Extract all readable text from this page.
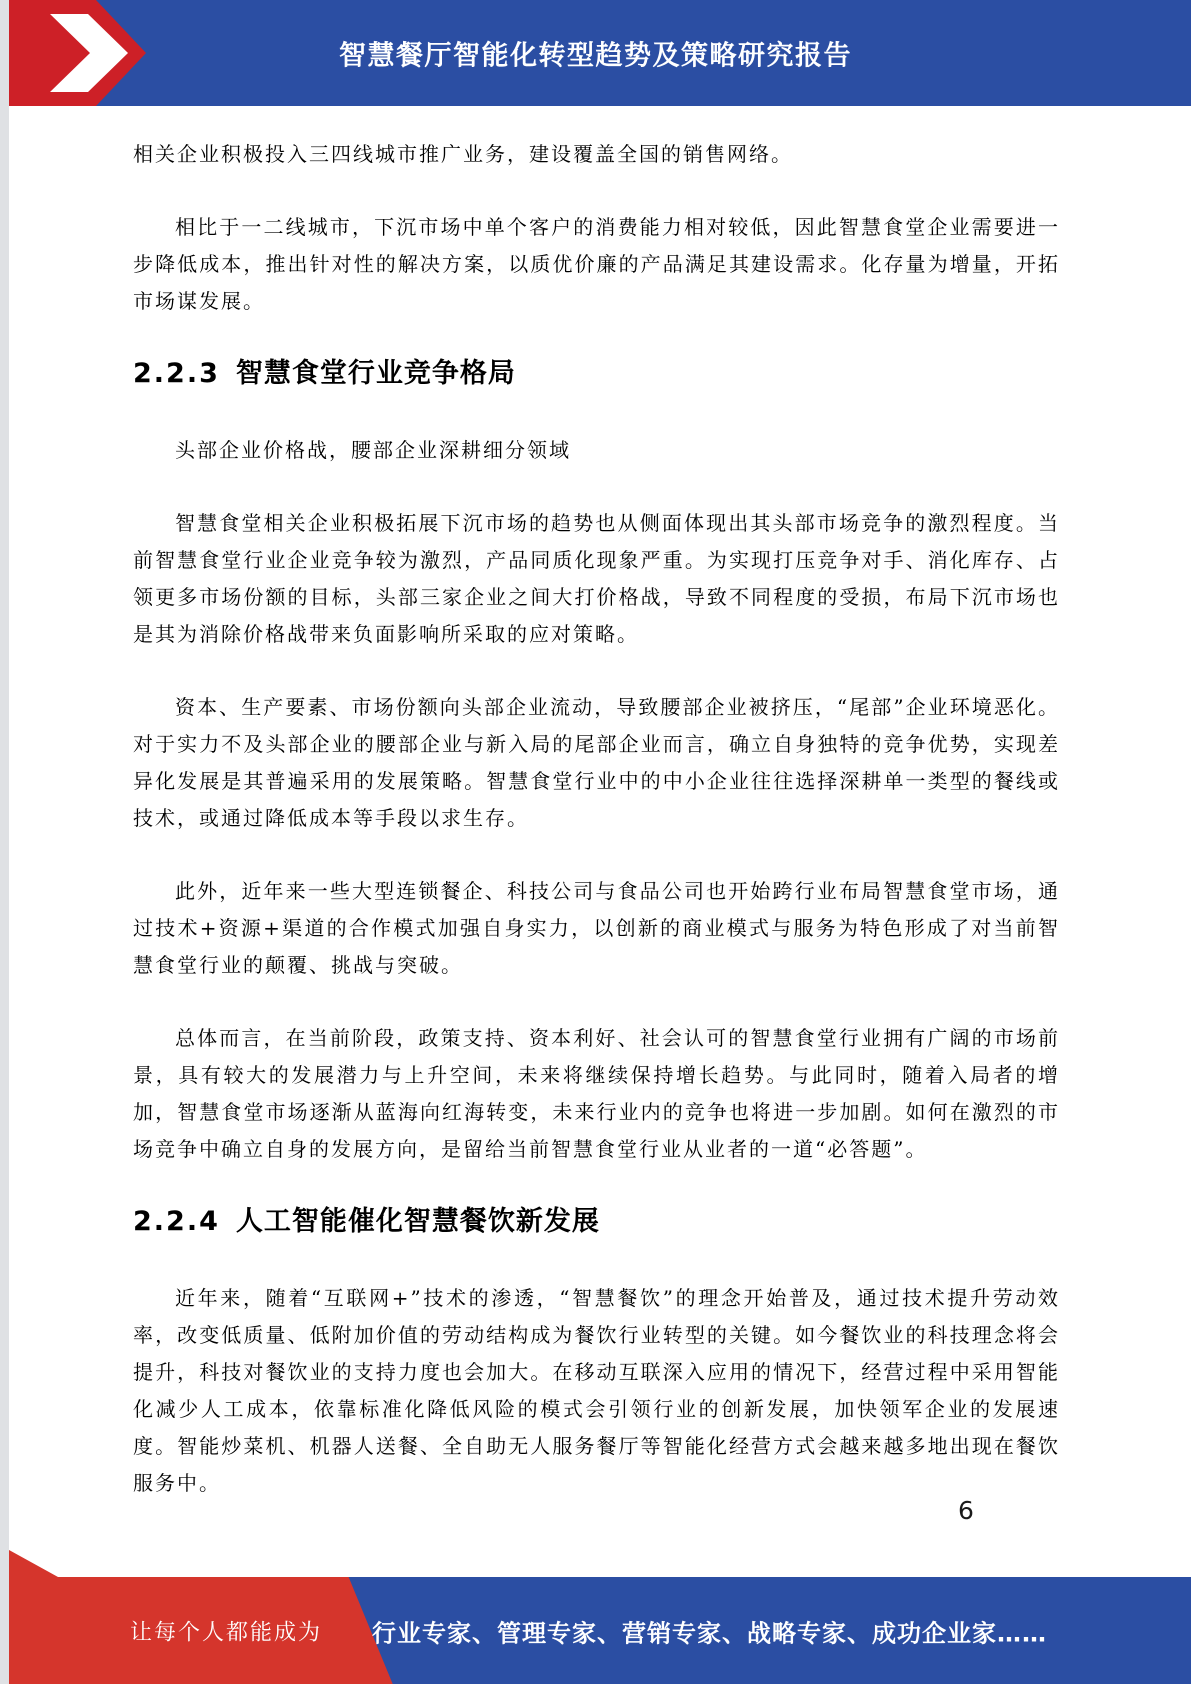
智慧餐厅智能化转型趋势及策略研究报告

相关企业积极投入三四线城市推广业务，建设覆盖全国的销售网络。

相比于一二线城市，下沉市场中单个客户的消费能力相对较低，因此智慧食堂企业需要进一步降低成本，推出针对性的解决方案，以质优价廉的产品满足其建设需求。化存量为增量，开拓市场谋发展。

2.2.3 智慧食堂行业竞争格局

头部企业价格战，腰部企业深耕细分领域

智慧食堂相关企业积极拓展下沉市场的趋势也从侧面体现出其头部市场竞争的激烈程度。当前智慧食堂行业企业竞争较为激烈，产品同质化现象严重。为实现打压竞争对手、消化库存、占领更多市场份额的目标，头部三家企业之间大打价格战，导致不同程度的受损，布局下沉市场也是其为消除价格战带来负面影响所采取的应对策略。

资本、生产要素、市场份额向头部企业流动，导致腰部企业被挤压，“尾部”企业环境恶化。对于实力不及头部企业的腰部企业与新入局的尾部企业而言，确立自身独特的竞争优势，实现差异化发展是其普遍采用的发展策略。智慧食堂行业中的中小企业往往选择深耕单一类型的餐线或技术，或通过降低成本等手段以求生存。

此外，近年来一些大型连锁餐企、科技公司与食品公司也开始跨行业布局智慧食堂市场，通过技术+资源+渠道的合作模式加强自身实力，以创新的商业模式与服务为特色形成了对当前智慧食堂行业的颠覆、挑战与突破。

总体而言，在当前阶段，政策支持、资本利好、社会认可的智慧食堂行业拥有广阔的市场前景，具有较大的发展潜力与上升空间，未来将继续保持增长趋势。与此同时，随着入局者的增加，智慧食堂市场逐渐从蓝海向红海转变，未来行业内的竞争也将进一步加剧。如何在激烈的市场竞争中确立自身的发展方向，是留给当前智慧食堂行业从业者的一道“必答题”。

2.2.4 人工智能催化智慧餐饮新发展

近年来，随着“互联网+”技术的渗透，“智慧餐饮”的理念开始普及，通过技术提升劳动效率，改变低质量、低附加价值的劳动结构成为餐饮行业转型的关键。如今餐饮业的科技理念将会提升，科技对餐饮业的支持力度也会加大。在移动互联深入应用的情况下，经营过程中采用智能化减少人工成本，依靠标准化降低风险的模式会引领行业的创新发展，加快领军企业的发展速度。智能炒菜机、机器人送餐、全自助无人服务餐厅等智能化经营方式会越来越多地出现在餐饮服务中。

6
让每个人都能成为 行业专家、管理专家、营销专家、战略专家、成功企业家……
